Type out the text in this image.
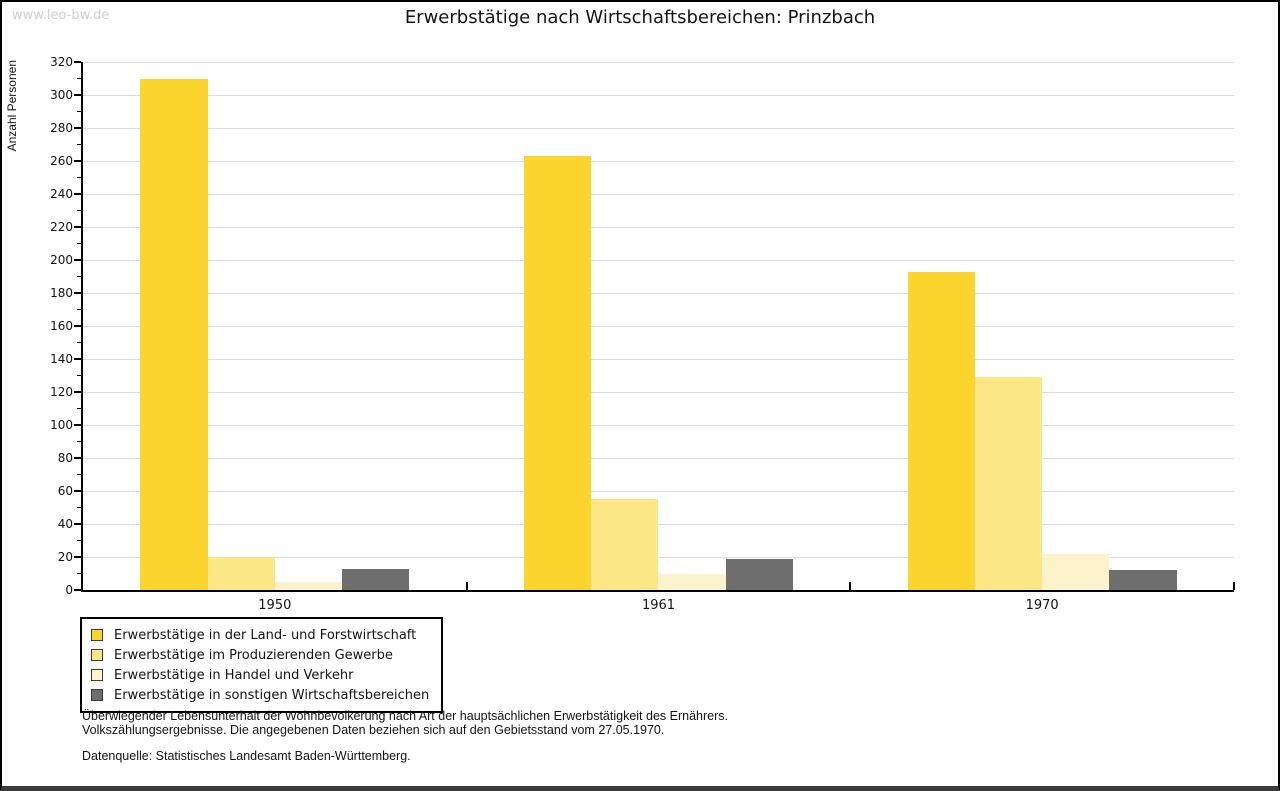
www.leo-bw.de	Erwerbstätige nach Wirtschaftsbereichen: Prinzbach
Anzahl Personen
0
20
40
60
80
100
120
140
160
180
200
220
240
260
280
300
320
1950	1961	1970
Erwerbstätige in der Land- und Forstwirtschaft
Erwerbstätige im Produzierenden Gewerbe
Erwerbstätige in Handel und Verkehr
Erwerbstätige in sonstigen Wirtschaftsbereichen
Überwiegender Lebensunterhalt der Wohnbevölkerung nach Art der hauptsächlichen Erwerbstätigkeit des Ernährers.
Volkszählungsergebnisse. Die angegebenen Daten beziehen sich auf den Gebietsstand vom 27.05.1970.
Datenquelle: Statistisches Landesamt Baden-Württemberg.
